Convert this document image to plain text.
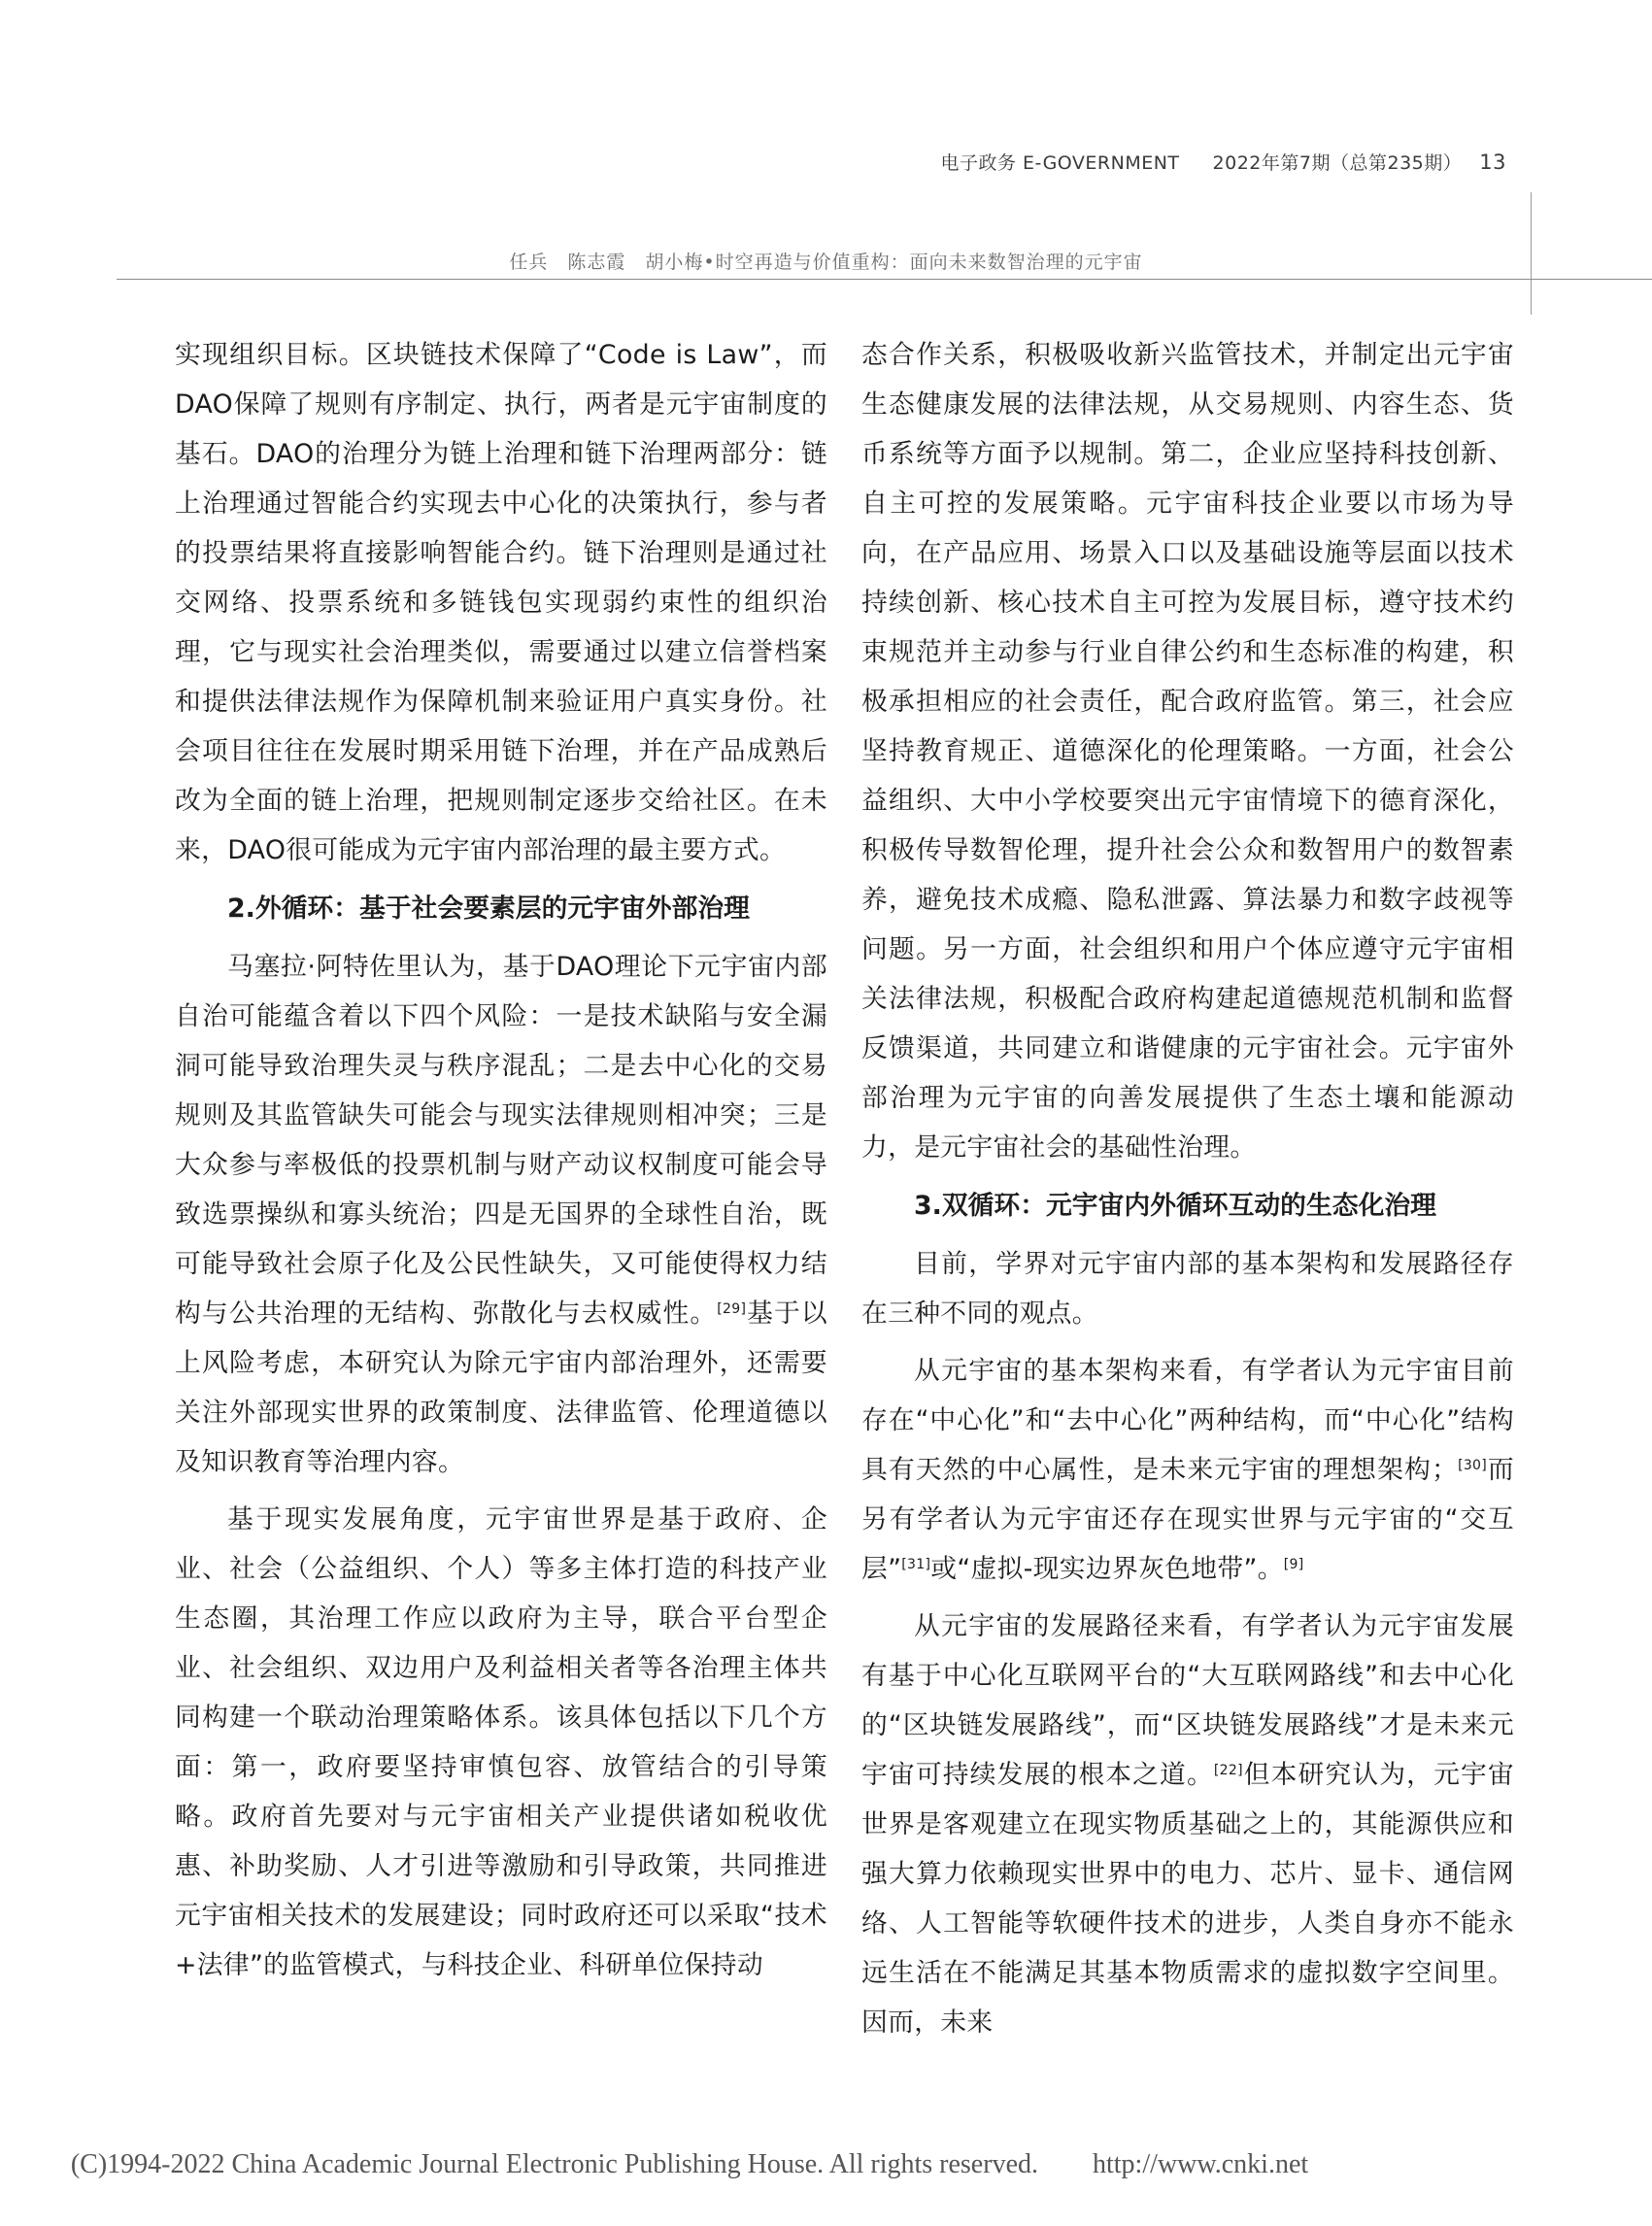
电子政务 E-GOVERNMENT 2022年第7期（总第235期） 13
任兵　陈志霞　胡小梅•时空再造与价值重构：面向未来数智治理的元宇宙

实现组织目标。区块链技术保障了“Code is Law”，而DAO保障了规则有序制定、执行，两者是元宇宙制度的基石。DAO的治理分为链上治理和链下治理两部分：链上治理通过智能合约实现去中心化的决策执行，参与者的投票结果将直接影响智能合约。链下治理则是通过社交网络、投票系统和多链钱包实现弱约束性的组织治理，它与现实社会治理类似，需要通过以建立信誉档案和提供法律法规作为保障机制来验证用户真实身份。社会项目往往在发展时期采用链下治理，并在产品成熟后改为全面的链上治理，把规则制定逐步交给社区。在未来，DAO很可能成为元宇宙内部治理的最主要方式。

2.外循环：基于社会要素层的元宇宙外部治理

马塞拉·阿特佐里认为，基于DAO理论下元宇宙内部自治可能蕴含着以下四个风险：一是技术缺陷与安全漏洞可能导致治理失灵与秩序混乱；二是去中心化的交易规则及其监管缺失可能会与现实法律规则相冲突；三是大众参与率极低的投票机制与财产动议权制度可能会导致选票操纵和寡头统治；四是无国界的全球性自治，既可能导致社会原子化及公民性缺失，又可能使得权力结构与公共治理的无结构、弥散化与去权威性。[29]基于以上风险考虑，本研究认为除元宇宙内部治理外，还需要关注外部现实世界的政策制度、法律监管、伦理道德以及知识教育等治理内容。

基于现实发展角度，元宇宙世界是基于政府、企业、社会（公益组织、个人）等多主体打造的科技产业生态圈，其治理工作应以政府为主导，联合平台型企业、社会组织、双边用户及利益相关者等各治理主体共同构建一个联动治理策略体系。该具体包括以下几个方面：第一，政府要坚持审慎包容、放管结合的引导策略。政府首先要对与元宇宙相关产业提供诸如税收优惠、补助奖励、人才引进等激励和引导政策，共同推进元宇宙相关技术的发展建设；同时政府还可以采取“技术+法律”的监管模式，与科技企业、科研单位保持动

态合作关系，积极吸收新兴监管技术，并制定出元宇宙生态健康发展的法律法规，从交易规则、内容生态、货币系统等方面予以规制。第二，企业应坚持科技创新、自主可控的发展策略。元宇宙科技企业要以市场为导向，在产品应用、场景入口以及基础设施等层面以技术持续创新、核心技术自主可控为发展目标，遵守技术约束规范并主动参与行业自律公约和生态标准的构建，积极承担相应的社会责任，配合政府监管。第三，社会应坚持教育规正、道德深化的伦理策略。一方面，社会公益组织、大中小学校要突出元宇宙情境下的德育深化，积极传导数智伦理，提升社会公众和数智用户的数智素养，避免技术成瘾、隐私泄露、算法暴力和数字歧视等问题。另一方面，社会组织和用户个体应遵守元宇宙相关法律法规，积极配合政府构建起道德规范机制和监督反馈渠道，共同建立和谐健康的元宇宙社会。元宇宙外部治理为元宇宙的向善发展提供了生态土壤和能源动力，是元宇宙社会的基础性治理。

3.双循环：元宇宙内外循环互动的生态化治理

目前，学界对元宇宙内部的基本架构和发展路径存在三种不同的观点。

从元宇宙的基本架构来看，有学者认为元宇宙目前存在“中心化”和“去中心化”两种结构，而“中心化”结构具有天然的中心属性，是未来元宇宙的理想架构；[30]而另有学者认为元宇宙还存在现实世界与元宇宙的“交互层”[31]或“虚拟-现实边界灰色地带”。[9]

从元宇宙的发展路径来看，有学者认为元宇宙发展有基于中心化互联网平台的“大互联网路线”和去中心化的“区块链发展路线”，而“区块链发展路线”才是未来元宇宙可持续发展的根本之道。[22]但本研究认为，元宇宙世界是客观建立在现实物质基础之上的，其能源供应和强大算力依赖现实世界中的电力、芯片、显卡、通信网络、人工智能等软硬件技术的进步，人类自身亦不能永远生活在不能满足其基本物质需求的虚拟数字空间里。因而，未来

(C)1994-2022 China Academic Journal Electronic Publishing House. All rights reserved.　　http://www.cnki.net
